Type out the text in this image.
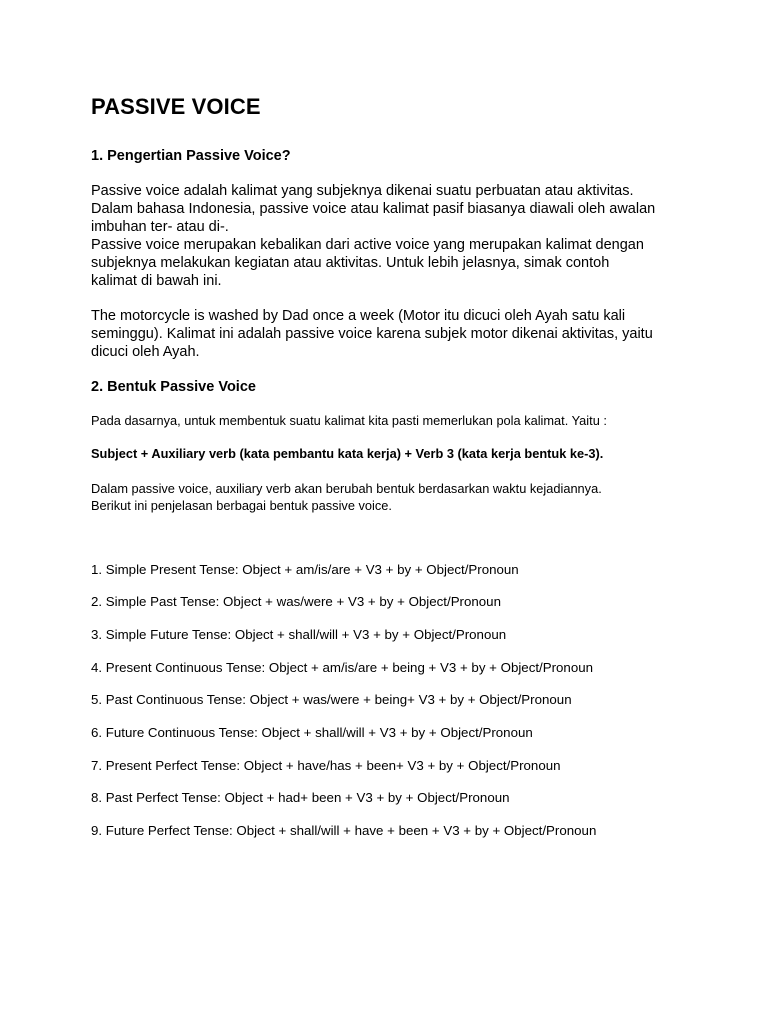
PASSIVE VOICE
1. Pengertian Passive Voice?
Passive voice adalah kalimat yang subjeknya dikenai suatu perbuatan atau aktivitas.
Dalam bahasa Indonesia, passive voice atau kalimat pasif biasanya diawali oleh awalan
imbuhan ter- atau di-.
Passive voice merupakan kebalikan dari active voice yang merupakan kalimat dengan
subjeknya melakukan kegiatan atau aktivitas. Untuk lebih jelasnya, simak contoh
kalimat di bawah ini.
The motorcycle is washed by Dad once a week (Motor itu dicuci oleh Ayah satu kali
seminggu). Kalimat ini adalah passive voice karena subjek motor dikenai aktivitas, yaitu
dicuci oleh Ayah.
2. Bentuk Passive Voice

Pada dasarnya, untuk membentuk suatu kalimat kita pasti memerlukan pola kalimat. Yaitu :

Subject + Auxiliary verb (kata pembantu kata kerja) + Verb 3 (kata kerja bentuk ke-3).

Dalam passive voice, auxiliary verb akan berubah bentuk berdasarkan waktu kejadiannya.
Berikut ini penjelasan berbagai bentuk passive voice.

1. Simple Present Tense: Object + am/is/are + V3 + by + Object/Pronoun

2. Simple Past Tense: Object + was/were + V3 + by + Object/Pronoun

3. Simple Future Tense: Object + shall/will + V3 + by + Object/Pronoun

4. Present Continuous Tense: Object + am/is/are + being + V3 + by + Object/Pronoun

5. Past Continuous Tense: Object + was/were + being+ V3 + by + Object/Pronoun

6. Future Continuous Tense: Object + shall/will + V3 + by + Object/Pronoun

7. Present Perfect Tense: Object + have/has + been+ V3 + by + Object/Pronoun

8. Past Perfect Tense: Object + had+ been + V3 + by + Object/Pronoun

9. Future Perfect Tense: Object + shall/will + have + been + V3 + by + Object/Pronoun
